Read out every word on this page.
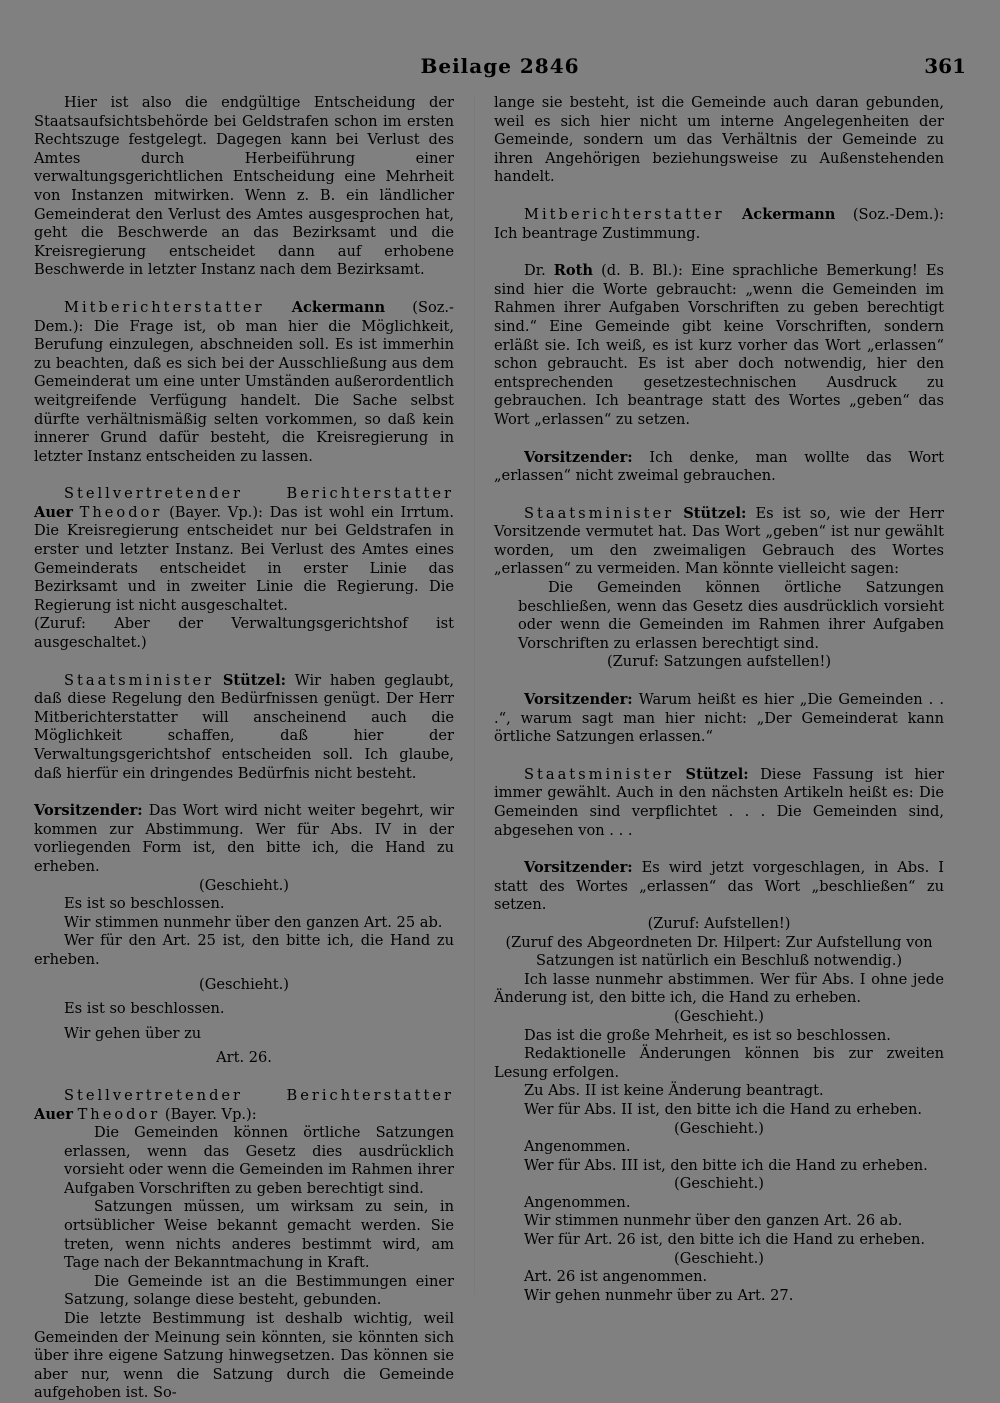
Beilage 2846	361

Hier ist also die endgültige Entscheidung der Staatsaufsichtsbehörde bei Geldstrafen schon im ersten Rechtszuge festgelegt. Dagegen kann bei Verlust des Amtes durch Herbeiführung einer verwaltungsgerichtlichen Entscheidung eine Mehrheit von Instanzen mitwirken. Wenn z. B. ein ländlicher Gemeinderat den Verlust des Amtes ausgesprochen hat, geht die Beschwerde an das Bezirksamt und die Kreisregierung entscheidet dann auf erhobene Beschwerde in letzter Instanz nach dem Bezirksamt.

Mitberichterstatter Ackermann (Soz.-Dem.): Die Frage ist, ob man hier die Möglichkeit, Berufung einzulegen, abschneiden soll. Es ist immerhin zu beachten, daß es sich bei der Ausschließung aus dem Gemeinderat um eine unter Umständen außerordentlich weitgreifende Verfügung handelt. Die Sache selbst dürfte verhältnismäßig selten vorkommen, so daß kein innerer Grund dafür besteht, die Kreisregierung in letzter Instanz entscheiden zu lassen.

Stellvertretender Berichterstatter Auer Theodor (Bayer. Vp.): Das ist wohl ein Irrtum. Die Kreisregierung entscheidet nur bei Geldstrafen in erster und letzter Instanz. Bei Verlust des Amtes eines Gemeinderats entscheidet in erster Linie das Bezirksamt und in zweiter Linie die Regierung. Die Regierung ist nicht ausgeschaltet.

(Zuruf: Aber der Verwaltungsgerichtshof ist ausgeschaltet.)

Staatsminister Stützel: Wir haben geglaubt, daß diese Regelung den Bedürfnissen genügt. Der Herr Mitberichterstatter will anscheinend auch die Möglichkeit schaffen, daß hier der Verwaltungsgerichtshof entscheiden soll. Ich glaube, daß hierfür ein dringendes Bedürfnis nicht besteht.

Vorsitzender: Das Wort wird nicht weiter begehrt, wir kommen zur Abstimmung. Wer für Abs. IV in der vorliegenden Form ist, den bitte ich, die Hand zu erheben.

(Geschieht.)

Es ist so beschlossen.

Wir stimmen nunmehr über den ganzen Art. 25 ab.

Wer für den Art. 25 ist, den bitte ich, die Hand zu erheben.

(Geschieht.)

Es ist so beschlossen.

Wir gehen über zu

Art. 26.

Stellvertretender Berichterstatter Auer Theodor (Bayer. Vp.):

Die Gemeinden können örtliche Satzungen erlassen, wenn das Gesetz dies ausdrücklich vorsieht oder wenn die Gemeinden im Rahmen ihrer Aufgaben Vorschriften zu geben berechtigt sind.

Satzungen müssen, um wirksam zu sein, in ortsüblicher Weise bekannt gemacht werden. Sie treten, wenn nichts anderes bestimmt wird, am Tage nach der Bekanntmachung in Kraft.

Die Gemeinde ist an die Bestimmungen einer Satzung, solange diese besteht, gebunden.

Die letzte Bestimmung ist deshalb wichtig, weil Gemeinden der Meinung sein könnten, sie könnten sich über ihre eigene Satzung hinwegsetzen. Das können sie aber nur, wenn die Satzung durch die Gemeinde aufgehoben ist. So-

lange sie besteht, ist die Gemeinde auch daran gebunden, weil es sich hier nicht um interne Angelegenheiten der Gemeinde, sondern um das Verhältnis der Gemeinde zu ihren Angehörigen beziehungsweise zu Außenstehenden handelt.

Mitberichterstatter Ackermann (Soz.-Dem.): Ich beantrage Zustimmung.

Dr. Roth (d. B. Bl.): Eine sprachliche Bemerkung! Es sind hier die Worte gebraucht: „wenn die Gemeinden im Rahmen ihrer Aufgaben Vorschriften zu geben berechtigt sind.“ Eine Gemeinde gibt keine Vorschriften, sondern erläßt sie. Ich weiß, es ist kurz vorher das Wort „erlassen“ schon gebraucht. Es ist aber doch notwendig, hier den entsprechenden gesetzestechnischen Ausdruck zu gebrauchen. Ich beantrage statt des Wortes „geben“ das Wort „erlassen“ zu setzen.

Vorsitzender: Ich denke, man wollte das Wort „erlassen“ nicht zweimal gebrauchen.

Staatsminister Stützel: Es ist so, wie der Herr Vorsitzende vermutet hat. Das Wort „geben“ ist nur gewählt worden, um den zweimaligen Gebrauch des Wortes „erlassen“ zu vermeiden. Man könnte vielleicht sagen:

Die Gemeinden können örtliche Satzungen beschließen, wenn das Gesetz dies ausdrücklich vorsieht oder wenn die Gemeinden im Rahmen ihrer Aufgaben Vorschriften zu erlassen berechtigt sind.

(Zuruf: Satzungen aufstellen!)

Vorsitzender: Warum heißt es hier „Die Gemeinden . . .“, warum sagt man hier nicht: „Der Gemeinderat kann örtliche Satzungen erlassen.“

Staatsminister Stützel: Diese Fassung ist hier immer gewählt. Auch in den nächsten Artikeln heißt es: Die Gemeinden sind verpflichtet . . . Die Gemeinden sind, abgesehen von . . .

Vorsitzender: Es wird jetzt vorgeschlagen, in Abs. I statt des Wortes „erlassen“ das Wort „beschließen“ zu setzen.

(Zuruf: Aufstellen!)

(Zuruf des Abgeordneten Dr. Hilpert: Zur Aufstellung von Satzungen ist natürlich ein Beschluß notwendig.)

Ich lasse nunmehr abstimmen. Wer für Abs. I ohne jede Änderung ist, den bitte ich, die Hand zu erheben.

(Geschieht.)

Das ist die große Mehrheit, es ist so beschlossen.

Redaktionelle Änderungen können bis zur zweiten Lesung erfolgen.

Zu Abs. II ist keine Änderung beantragt.

Wer für Abs. II ist, den bitte ich die Hand zu erheben.

(Geschieht.)

Angenommen.

Wer für Abs. III ist, den bitte ich die Hand zu erheben.

(Geschieht.)

Angenommen.

Wir stimmen nunmehr über den ganzen Art. 26 ab.

Wer für Art. 26 ist, den bitte ich die Hand zu erheben.

(Geschieht.)

Art. 26 ist angenommen.

Wir gehen nunmehr über zu Art. 27.
